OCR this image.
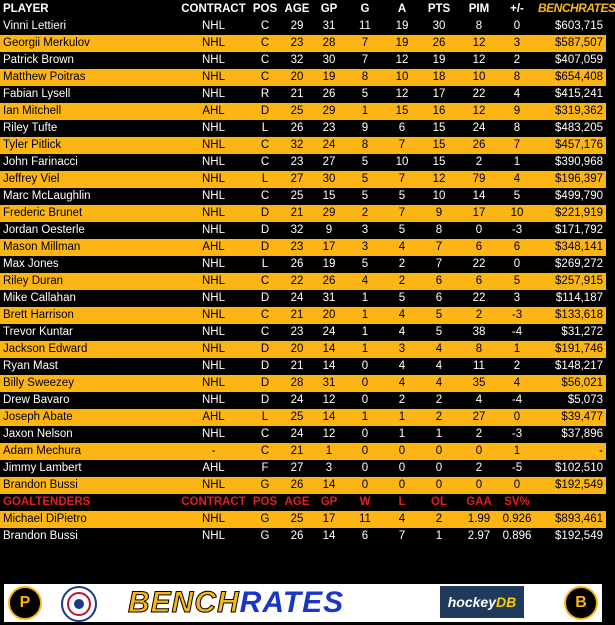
PLAYER	CONTRACT	POS	AGE	GP	G	A	PTS	PIM	+/-	BENCHRATES
Vinni Lettieri	NHL	C	29	31	11	19	30	8	0	$603,715
Georgii Merkulov	NHL	C	23	28	7	19	26	12	3	$587,507
Patrick Brown	NHL	C	32	30	7	12	19	12	2	$407,059
Matthew Poitras	NHL	C	20	19	8	10	18	10	8	$654,408
Fabian Lysell	NHL	R	21	26	5	12	17	22	4	$415,241
Ian Mitchell	AHL	D	25	29	1	15	16	12	9	$319,362
Riley Tufte	NHL	L	26	23	9	6	15	24	8	$483,205
Tyler Pitlick	NHL	C	32	24	8	7	15	26	7	$457,176
John Farinacci	NHL	C	23	27	5	10	15	2	1	$390,968
Jeffrey Viel	NHL	L	27	30	5	7	12	79	4	$196,397
Marc McLaughlin	NHL	C	25	15	5	5	10	14	5	$499,790
Frederic Brunet	NHL	D	21	29	2	7	9	17	10	$221,919
Jordan Oesterle	NHL	D	32	9	3	5	8	0	-3	$171,792
Mason Millman	AHL	D	23	17	3	4	7	6	6	$348,141
Max Jones	NHL	L	26	19	5	2	7	22	0	$269,272
Riley Duran	NHL	C	22	26	4	2	6	6	5	$257,915
Mike Callahan	NHL	D	24	31	1	5	6	22	3	$114,187
Brett Harrison	NHL	C	21	20	1	4	5	2	-3	$133,618
Trevor Kuntar	NHL	C	23	24	1	4	5	38	-4	$31,272
Jackson Edward	NHL	D	20	14	1	3	4	8	1	$191,746
Ryan Mast	NHL	D	21	14	0	4	4	11	2	$148,217
Billy Sweezey	NHL	D	28	31	0	4	4	35	4	$56,021
Drew Bavaro	NHL	D	24	12	0	2	2	4	-4	$5,073
Joseph Abate	AHL	L	25	14	1	1	2	27	0	$39,477
Jaxon Nelson	NHL	C	24	12	0	1	1	2	-3	$37,896
Adam Mechura	-	C	21	1	0	0	0	0	1	-
Jimmy Lambert	AHL	F	27	3	0	0	0	2	-5	$102,510
Brandon Bussi	NHL	G	26	14	0	0	0	0	0	$192,549
GOALTENDERS	CONTRACT	POS	AGE	GP	W	L	OL	GAA	SV%	
Michael DiPietro	NHL	G	25	17	11	4	2	1.99	0.926	$893,461
Brandon Bussi	NHL	G	26	14	6	7	1	2.97	0.896	$192,549
P	BENCHRATES	hockeyDB	B
